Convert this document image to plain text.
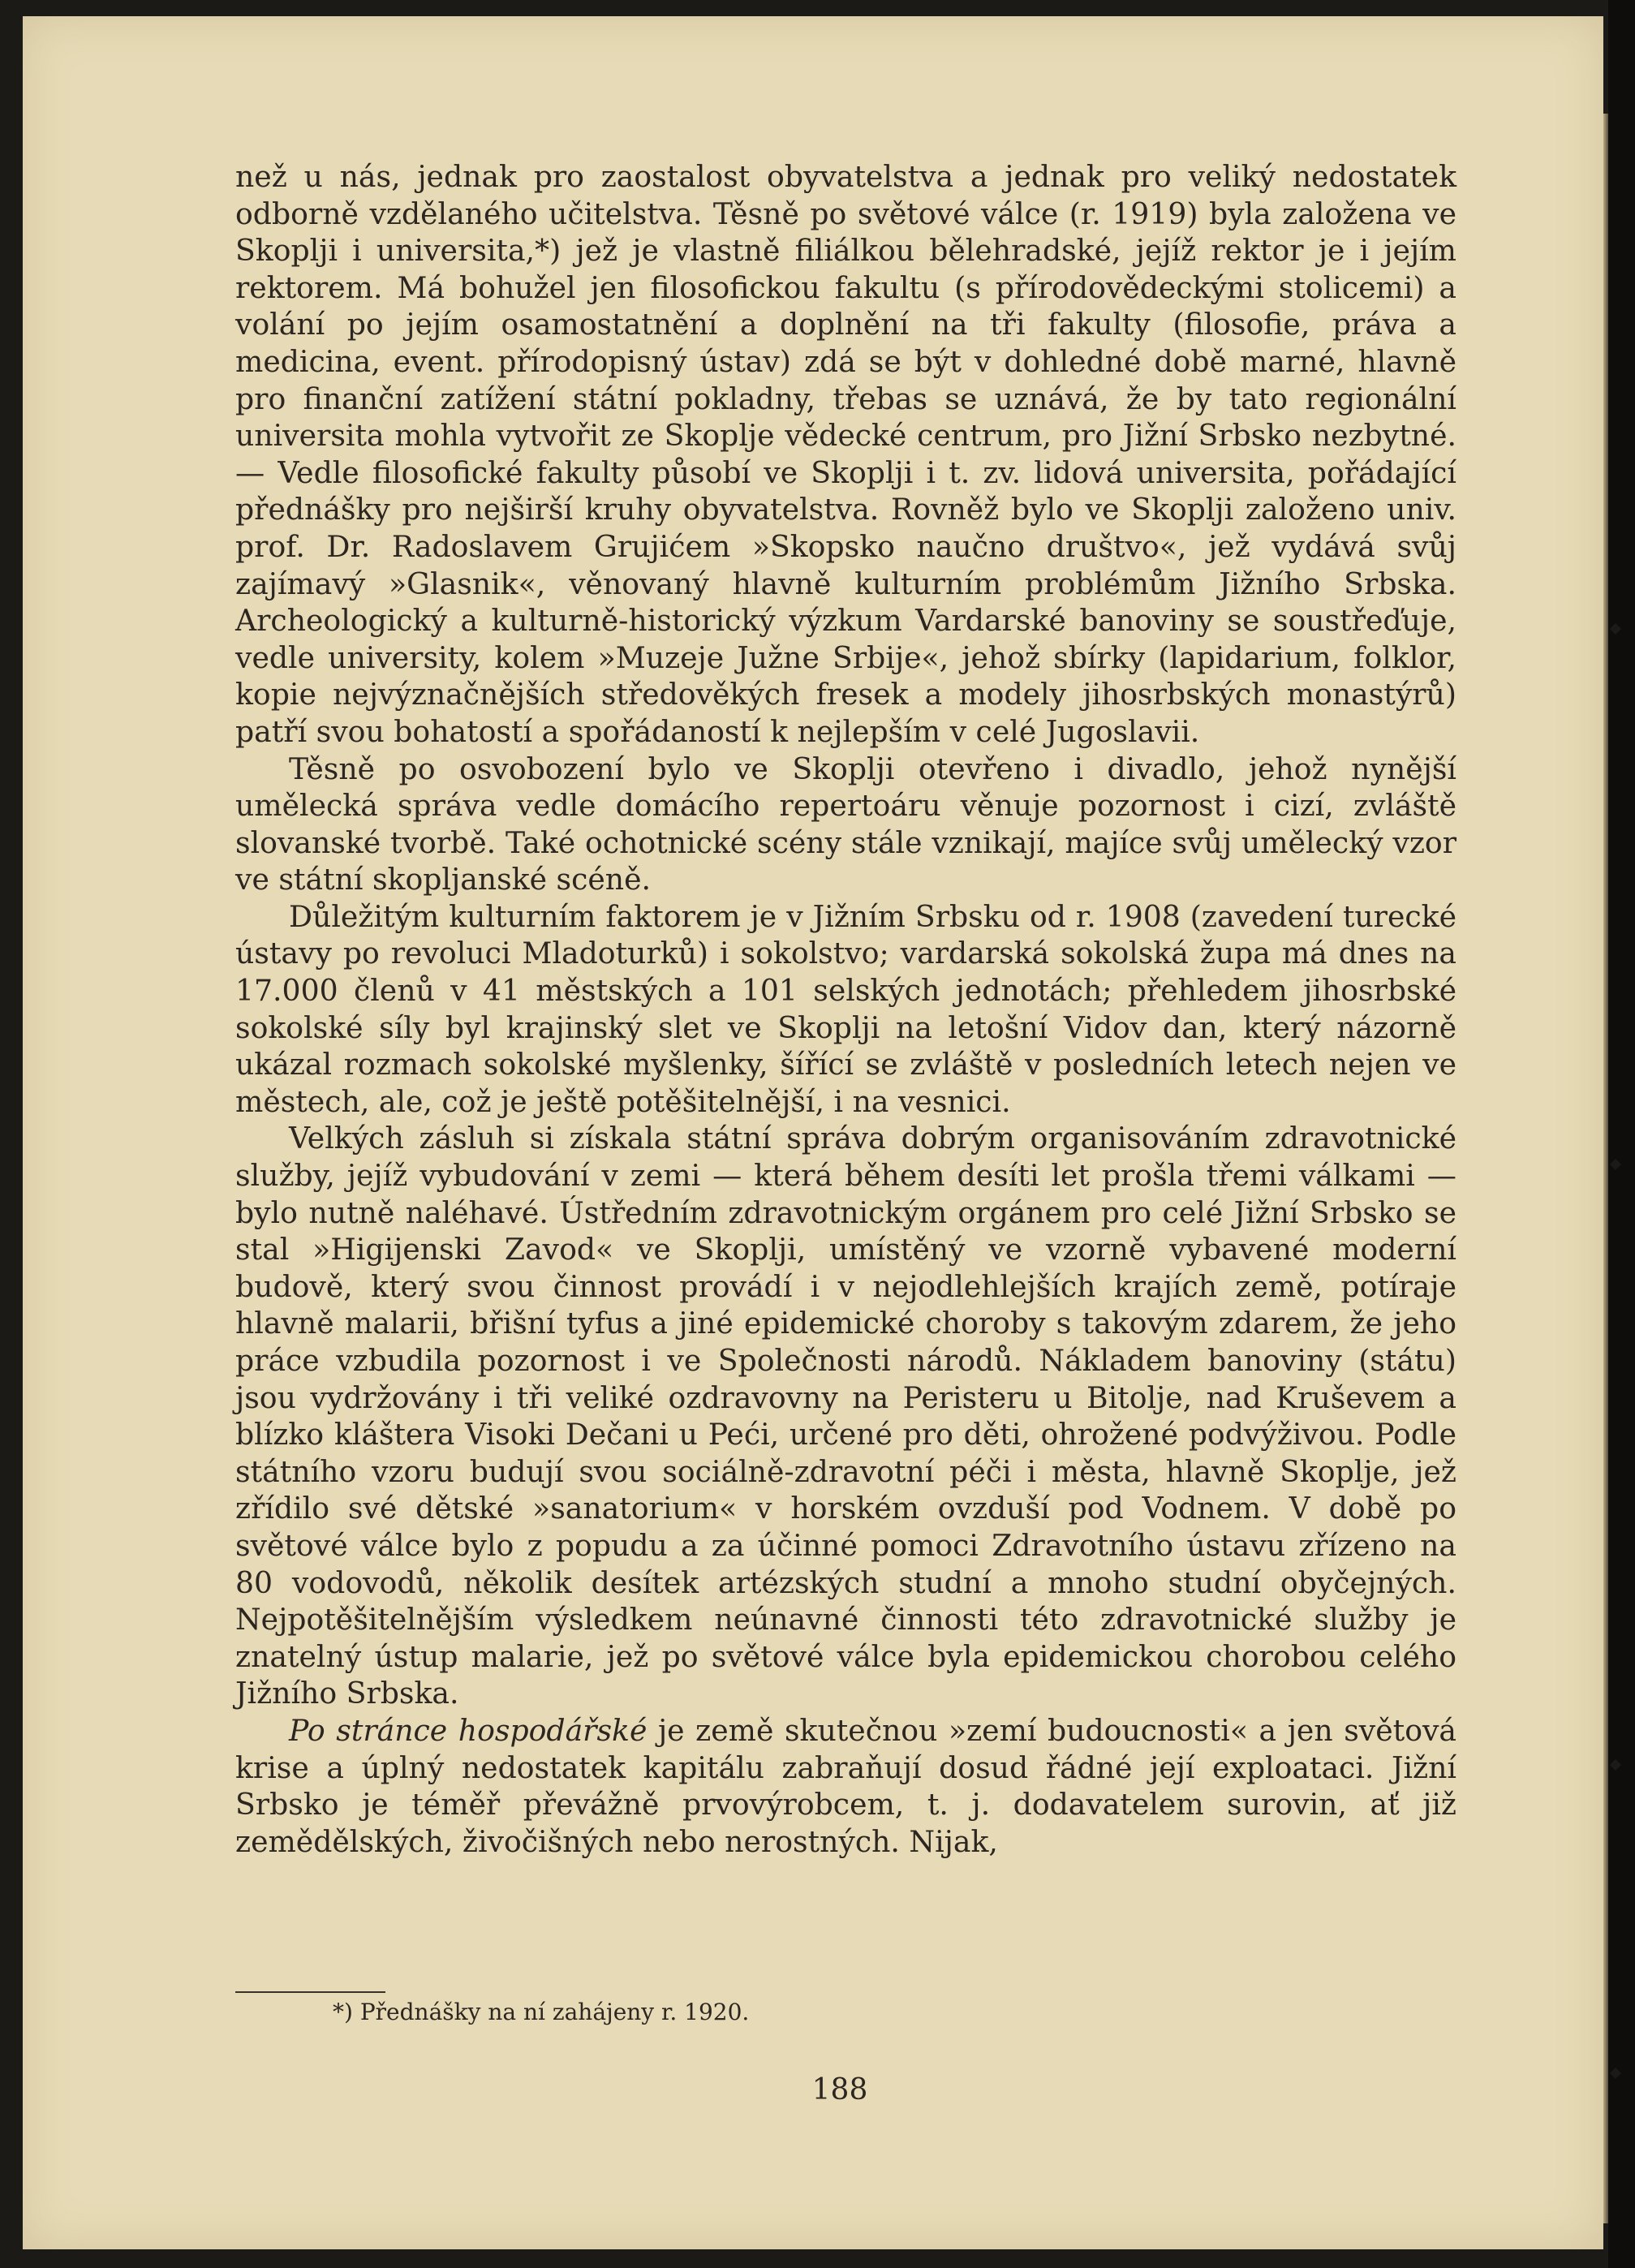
než u nás, jednak pro zaostalost obyvatelstva a jednak pro veliký nedostatek odborně vzdělaného učitelstva. Těsně po světové válce (r. 1919) byla založena ve Skoplji i universita,*) jež je vlastně filiálkou bělehradské, jejíž rektor je i jejím rektorem. Má bohužel jen filosofickou fakultu (s přírodovědeckými stolicemi) a volání po jejím osamostatnění a doplnění na tři fakulty (filosofie, práva a medicina, event. přírodopisný ústav) zdá se být v dohledné době marné, hlavně pro finanční zatížení státní pokladny, třebas se uznává, že by tato regionální universita mohla vytvořit ze Skoplje vědecké centrum, pro Jižní Srbsko nezbytné. — Vedle filosofické fakulty působí ve Skoplji i t. zv. lidová universita, pořádající přednášky pro nejširší kruhy obyvatelstva. Rovněž bylo ve Skoplji založeno univ. prof. Dr. Radoslavem Grujićem »Skopsko naučno društvo«, jež vydává svůj zajímavý »Glasnik«, věnovaný hlavně kulturním problémům Jižního Srbska. Archeologický a kulturně-historický výzkum Vardarské banoviny se soustřeďuje, vedle university, kolem »Muzeje Južne Srbije«, jehož sbírky (lapidarium, folklor, kopie nejvýznačnějších středověkých fresek a modely jihosrbských monastýrů) patří svou bohatostí a spořádaností k nejlepším v celé Jugoslavii.

Těsně po osvobození bylo ve Skoplji otevřeno i divadlo, jehož nynější umělecká správa vedle domácího repertoáru věnuje pozornost i cizí, zvláště slovanské tvorbě. Také ochotnické scény stále vznikají, majíce svůj umělecký vzor ve státní skopljanské scéně.

Důležitým kulturním faktorem je v Jižním Srbsku od r. 1908 (zavedení turecké ústavy po revoluci Mladoturků) i sokolstvo; vardarská sokolská župa má dnes na 17.000 členů v 41 městských a 101 selských jednotách; přehledem jihosrbské sokolské síly byl krajinský slet ve Skoplji na letošní Vidov dan, který názorně ukázal rozmach sokolské myšlenky, šířící se zvláště v posledních letech nejen ve městech, ale, což je ještě potěšitelnější, i na vesnici.

Velkých zásluh si získala státní správa dobrým organisováním zdravotnické služby, jejíž vybudování v zemi — která během desíti let prošla třemi válkami — bylo nutně naléhavé. Ústředním zdravotnickým orgánem pro celé Jižní Srbsko se stal »Higijenski Zavod« ve Skoplji, umístěný ve vzorně vybavené moderní budově, který svou činnost provádí i v nejodlehlejších krajích země, potíraje hlavně malarii, břišní tyfus a jiné epidemické choroby s takovým zdarem, že jeho práce vzbudila pozornost i ve Společnosti národů. Nákladem banoviny (státu) jsou vydržovány i tři veliké ozdravovny na Peristeru u Bitolje, nad Kruševem a blízko kláštera Visoki Dečani u Peći, určené pro děti, ohrožené podvýživou. Podle státního vzoru budují svou sociálně-zdravotní péči i města, hlavně Skoplje, jež zřídilo své dětské »sanatorium« v horském ovzduší pod Vodnem. V době po světové válce bylo z popudu a za účinné pomoci Zdravotního ústavu zřízeno na 80 vodovodů, několik desítek artézských studní a mnoho studní obyčejných. Nejpotěšitelnějším výsledkem neúnavné činnosti této zdravotnické služby je znatelný ústup malarie, jež po světové válce byla epidemickou chorobou celého Jižního Srbska.

Po stránce hospodářské je země skutečnou »zemí budoucnosti« a jen světová krise a úplný nedostatek kapitálu zabraňují dosud řádné její exploataci. Jižní Srbsko je téměř převážně prvovýrobcem, t. j. dodavatelem surovin, ať již zemědělských, živočišných nebo nerostných. Nijak,

*) Přednášky na ní zahájeny r. 1920.
188
